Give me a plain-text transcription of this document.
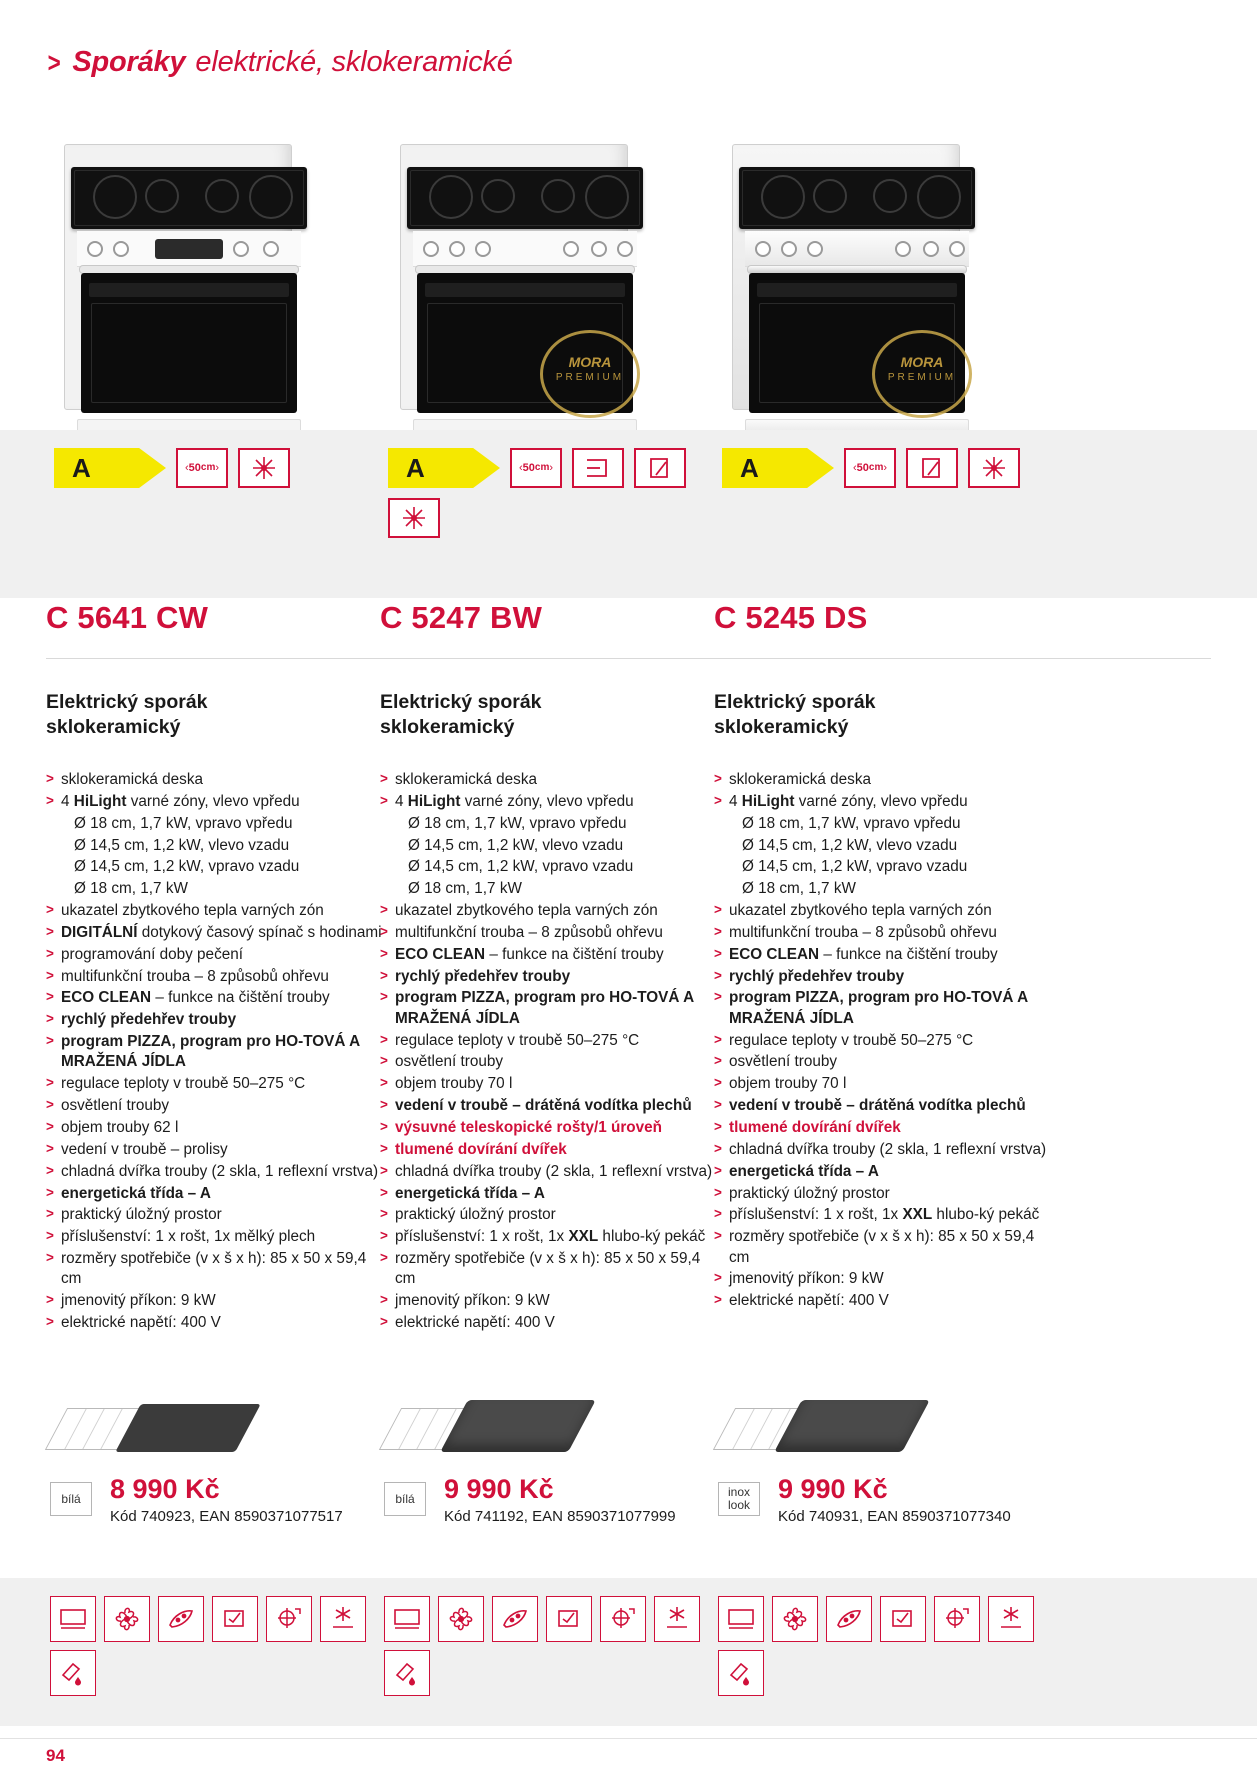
> Sporáky elektrické, sklokeramické
MORA
PREMIUM
MORA
PREMIUM
A	‹ 50 cm ›	A	‹ 50 cm ›	A	‹ 50 cm ›
C 5641 CW	C 5247 BW	C 5245 DS
Elektrický sporák
sklokeramický
Elektrický sporák
sklokeramický
Elektrický sporák
sklokeramický
> sklokeramická deska
> 4 HiLight varné zóny, vlevo vpředu
Ø 18 cm, 1,7 kW, vpravo vpředu
Ø 14,5 cm, 1,2 kW, vlevo vzadu
Ø 14,5 cm, 1,2 kW, vpravo vzadu
Ø 18 cm, 1,7 kW
> ukazatel zbytkového tepla varných zón
> DIGITÁLNÍ dotykový časový spínač s hodinami
> programování doby pečení
> multifunkční trouba – 8 způsobů ohřevu
> ECO CLEAN – funkce na čištění trouby
> rychlý předehřev trouby
> program PIZZA, program pro HO-TOVÁ A MRAŽENÁ JÍDLA
> regulace teploty v troubě 50–275 °C
> osvětlení trouby
> objem trouby 62 l
> vedení v troubě – prolisy
> chladná dvířka trouby (2 skla, 1 reflexní vrstva)
> energetická třída – A
> praktický úložný prostor
> příslušenství: 1 x rošt, 1x mělký plech
> rozměry spotřebiče (v x š x h): 85 x 50 x 59,4 cm
> jmenovitý příkon: 9 kW
> elektrické napětí: 400 V
> sklokeramická deska
> 4 HiLight varné zóny, vlevo vpředu
Ø 18 cm, 1,7 kW, vpravo vpředu
Ø 14,5 cm, 1,2 kW, vlevo vzadu
Ø 14,5 cm, 1,2 kW, vpravo vzadu
Ø 18 cm, 1,7 kW
> ukazatel zbytkového tepla varných zón
> multifunkční trouba – 8 způsobů ohřevu
> ECO CLEAN – funkce na čištění trouby
> rychlý předehřev trouby
> program PIZZA, program pro HO-TOVÁ A MRAŽENÁ JÍDLA
> regulace teploty v troubě 50–275 °C
> osvětlení trouby
> objem trouby 70 l
> vedení v troubě – drátěná vodítka plechů
> výsuvné teleskopické rošty/1 úroveň
> tlumené dovírání dvířek
> chladná dvířka trouby (2 skla, 1 reflexní vrstva)
> energetická třída – A
> praktický úložný prostor
> příslušenství: 1 x rošt, 1x XXL hlubo-ký pekáč
> rozměry spotřebiče (v x š x h): 85 x 50 x 59,4 cm
> jmenovitý příkon: 9 kW
> elektrické napětí: 400 V
> sklokeramická deska
> 4 HiLight varné zóny, vlevo vpředu
Ø 18 cm, 1,7 kW, vpravo vpředu
Ø 14,5 cm, 1,2 kW, vlevo vzadu
Ø 14,5 cm, 1,2 kW, vpravo vzadu
Ø 18 cm, 1,7 kW
> ukazatel zbytkového tepla varných zón
> multifunkční trouba – 8 způsobů ohřevu
> ECO CLEAN – funkce na čištění trouby
> rychlý předehřev trouby
> program PIZZA, program pro HO-TOVÁ A MRAŽENÁ JÍDLA
> regulace teploty v troubě 50–275 °C
> osvětlení trouby
> objem trouby 70 l
> vedení v troubě – drátěná vodítka plechů
> tlumené dovírání dvířek
> chladná dvířka trouby (2 skla, 1 reflexní vrstva)
> energetická třída – A
> praktický úložný prostor
> příslušenství: 1 x rošt, 1x XXL hlubo-ký pekáč
> rozměry spotřebiče (v x š x h): 85 x 50 x 59,4 cm
> jmenovitý příkon: 9 kW
> elektrické napětí: 400 V
bílá 8 990 Kč
Kód 740923, EAN 8590371077517
bílá 9 990 Kč
Kód 741192, EAN 8590371077999
inox
look
9 990 Kč
Kód 740931, EAN 8590371077340
94
